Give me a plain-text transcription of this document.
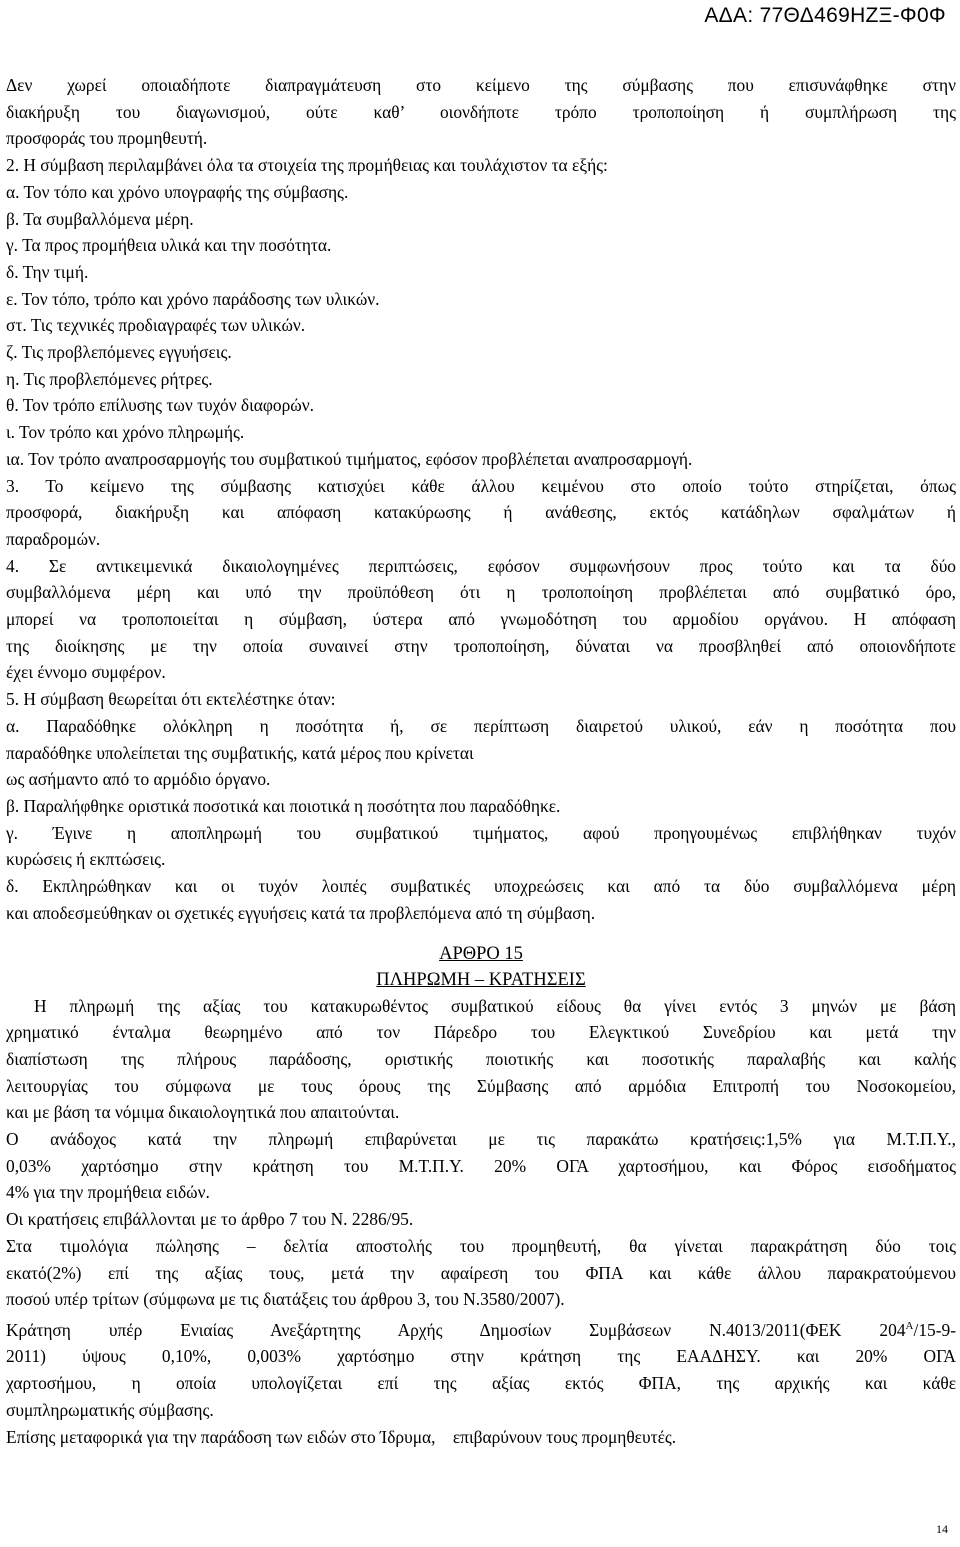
ΑΔΑ: 77ΘΔ469ΗΖΞ-Φ0Φ

Δεν χωρεί οποιαδήποτε διαπραγμάτευση στο κείμενο της σύμβασης που επισυνάφθηκε στην

διακήρυξη του διαγωνισμού, ούτε καθ’ οιονδήποτε τρόπο τροποποίηση ή συμπλήρωση της

προσφοράς του προμηθευτή.

2. Η σύμβαση περιλαμβάνει όλα τα στοιχεία της προμήθειας και τουλάχιστον τα εξής:

α. Τον τόπο και χρόνο υπογραφής της σύμβασης.

β. Τα συμβαλλόμενα μέρη.

γ. Τα προς προμήθεια υλικά και την ποσότητα.

δ. Την τιμή.

ε. Τον τόπο, τρόπο και χρόνο παράδοσης των υλικών.

στ. Τις τεχνικές προδιαγραφές των υλικών.

ζ. Τις προβλεπόμενες εγγυήσεις.

η. Τις προβλεπόμενες ρήτρες.

θ. Τον τρόπο επίλυσης των τυχόν διαφορών.

ι. Τον τρόπο και χρόνο πληρωμής.

ια. Τον τρόπο αναπροσαρμογής του συμβατικού τιμήματος, εφόσον προβλέπεται αναπροσαρμογή.

3. Το κείμενο της σύμβασης κατισχύει κάθε άλλου κειμένου στο οποίο τούτο στηρίζεται, όπως

προσφορά, διακήρυξη και απόφαση κατακύρωσης ή ανάθεσης, εκτός κατάδηλων σφαλμάτων ή

παραδρομών.

4. Σε αντικειμενικά δικαιολογημένες περιπτώσεις, εφόσον συμφωνήσουν προς τούτο και τα δύο

συμβαλλόμενα μέρη και υπό την προϋπόθεση ότι η τροποποίηση προβλέπεται από συμβατικό όρο,

μπορεί να τροποποιείται η σύμβαση, ύστερα από γνωμοδότηση του αρμοδίου οργάνου. Η απόφαση

της διοίκησης με την οποία συναινεί στην τροποποίηση, δύναται να προσβληθεί από οποιονδήποτε

έχει έννομο συμφέρον.

5. Η σύμβαση θεωρείται ότι εκτελέστηκε όταν:

α. Παραδόθηκε ολόκληρη η ποσότητα ή, σε περίπτωση διαιρετού υλικού, εάν η ποσότητα που

παραδόθηκε υπολείπεται της συμβατικής, κατά μέρος που κρίνεται

ως ασήμαντο από το αρμόδιο όργανο.

β. Παραλήφθηκε οριστικά ποσοτικά και ποιοτικά η ποσότητα που παραδόθηκε.

γ. Έγινε η αποπληρωμή του συμβατικού τιμήματος, αφού προηγουμένως επιβλήθηκαν τυχόν

κυρώσεις ή εκπτώσεις.

δ. Εκπληρώθηκαν και οι τυχόν λοιπές συμβατικές υποχρεώσεις και από τα δύο συμβαλλόμενα μέρη

και αποδεσμεύθηκαν οι σχετικές εγγυήσεις κατά τα προβλεπόμενα από τη σύμβαση.

ΑΡΘΡΟ 15

ΠΛΗΡΩΜΗ – ΚΡΑΤΗΣΕΙΣ

Η πληρωμή της αξίας του κατακυρωθέντος συμβατικού είδους θα γίνει εντός 3 μηνών με βάση

χρηματικό ένταλμα θεωρημένο από τον Πάρεδρο του Ελεγκτικού Συνεδρίου και μετά την

διαπίστωση της πλήρους παράδοσης, οριστικής ποιοτικής και ποσοτικής παραλαβής και καλής

λειτουργίας του σύμφωνα με τους όρους της Σύμβασης από αρμόδια Επιτροπή του Νοσοκομείου,

και με βάση τα νόμιμα δικαιολογητικά που απαιτούνται.

Ο ανάδοχος κατά την πληρωμή επιβαρύνεται με τις παρακάτω κρατήσεις:1,5% για Μ.Τ.Π.Υ.,

0,03% χαρτόσημο στην κράτηση του Μ.Τ.Π.Υ. 20% ΟΓΑ χαρτοσήμου, και Φόρος εισοδήματος

4% για την προμήθεια ειδών.

Οι κρατήσεις επιβάλλονται με το άρθρο 7 του Ν. 2286/95.

Στα τιμολόγια πώλησης – δελτία αποστολής του προμηθευτή, θα γίνεται παρακράτηση δύο τοις

εκατό(2%) επί της αξίας τους, μετά την αφαίρεση του ΦΠΑ και κάθε άλλου παρακρατούμενου

ποσού υπέρ τρίτων (σύμφωνα με τις διατάξεις του άρθρου 3, του Ν.3580/2007).

Κράτηση υπέρ Ενιαίας Ανεξάρτητης Αρχής Δημοσίων Συμβάσεων Ν.4013/2011(ΦΕΚ $204^A/15-9-$

2011) ύψους 0,10%, 0,003% χαρτόσημο στην κράτηση της ΕΑΑΔΗΣΥ. και 20% ΟΓΑ

χαρτοσήμου, η οποία υπολογίζεται επί της αξίας εκτός ΦΠΑ, της αρχικής και κάθε

συμπληρωματικής σύμβασης.

Επίσης μεταφορικά για την παράδοση των ειδών στο Ίδρυμα,    επιβαρύνουν τους προμηθευτές.

14
